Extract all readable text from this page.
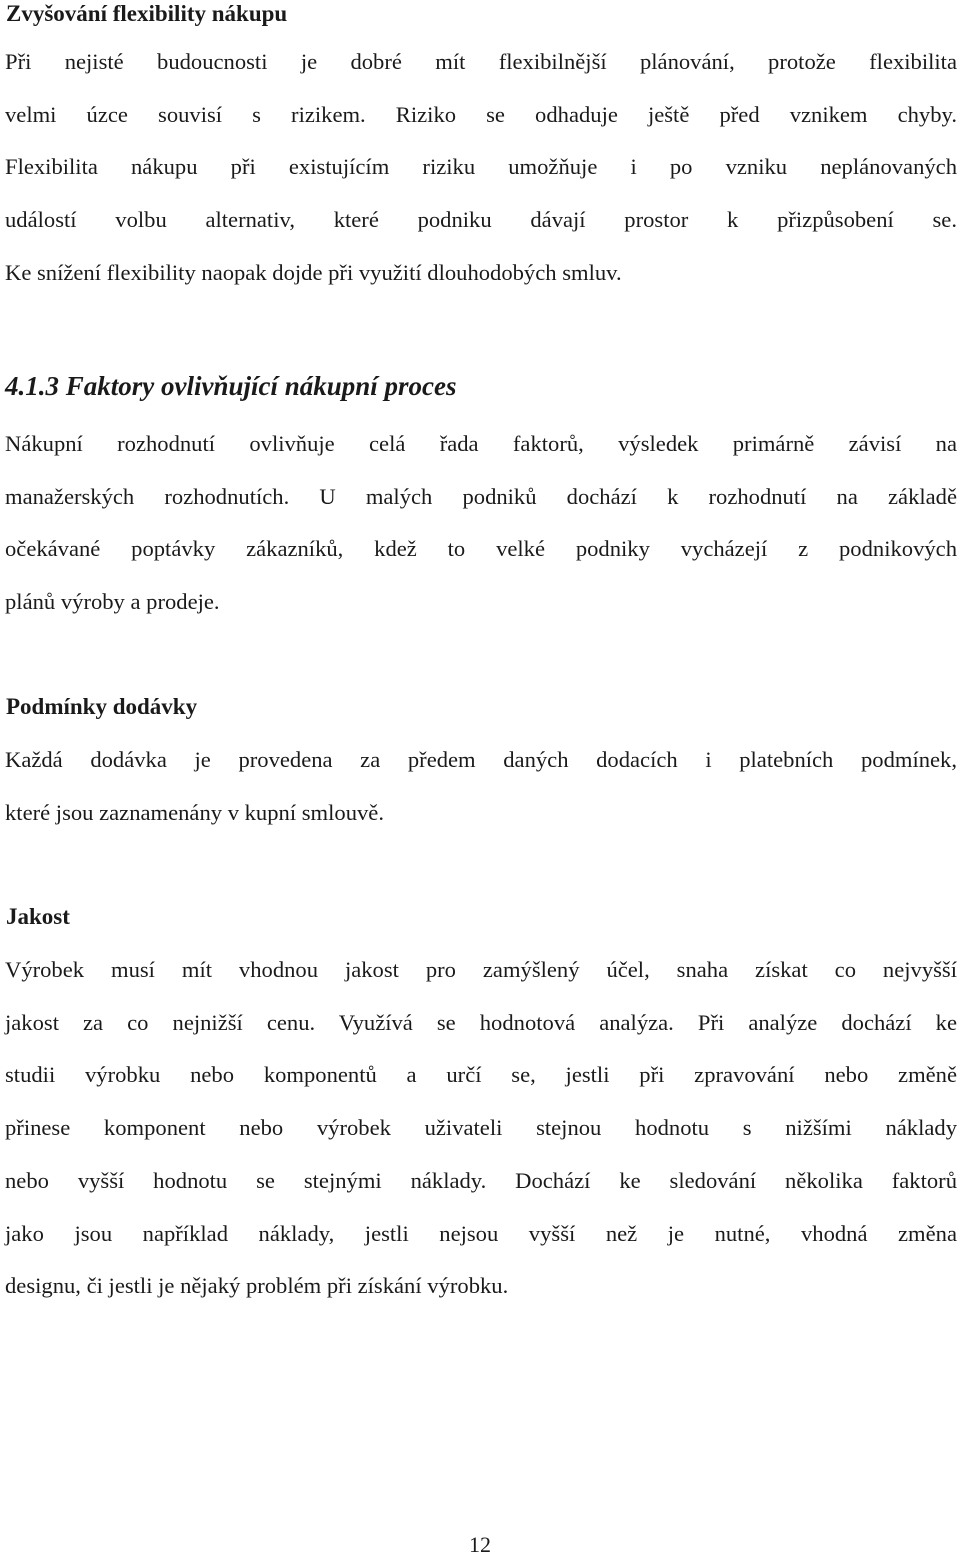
Zvyšování flexibility nákupu

Při nejisté budoucnosti je dobré mít flexibilnější plánování, protože flexibilita
velmi úzce souvisí s rizikem. Riziko se odhaduje ještě před vznikem chyby.
Flexibilita nákupu při existujícím riziku umožňuje i po vzniku neplánovaných
událostí volbu alternativ, které podniku dávají prostor k přizpůsobení se.
Ke snížení flexibility naopak dojde při využití dlouhodobých smluv.

4.1.3 Faktory ovlivňující nákupní proces

Nákupní rozhodnutí ovlivňuje celá řada faktorů, výsledek primárně závisí na
manažerských rozhodnutích. U malých podniků dochází k rozhodnutí na základě
očekávané poptávky zákazníků, kdež to velké podniky vycházejí z podnikových
plánů výroby a prodeje.

Podmínky dodávky

Každá dodávka je provedena za předem daných dodacích i platebních podmínek,
které jsou zaznamenány v kupní smlouvě.

Jakost

Výrobek musí mít vhodnou jakost pro zamýšlený účel, snaha získat co nejvyšší
jakost za co nejnižší cenu. Využívá se hodnotová analýza. Při analýze dochází ke
studii výrobku nebo komponentů a určí se, jestli při zpravování nebo změně
přinese komponent nebo výrobek uživateli stejnou hodnotu s nižšími náklady
nebo vyšší hodnotu se stejnými náklady. Dochází ke sledování několika faktorů
jako jsou například náklady, jestli nejsou vyšší než je nutné, vhodná změna
designu, či jestli je nějaký problém při získání výrobku.

12
